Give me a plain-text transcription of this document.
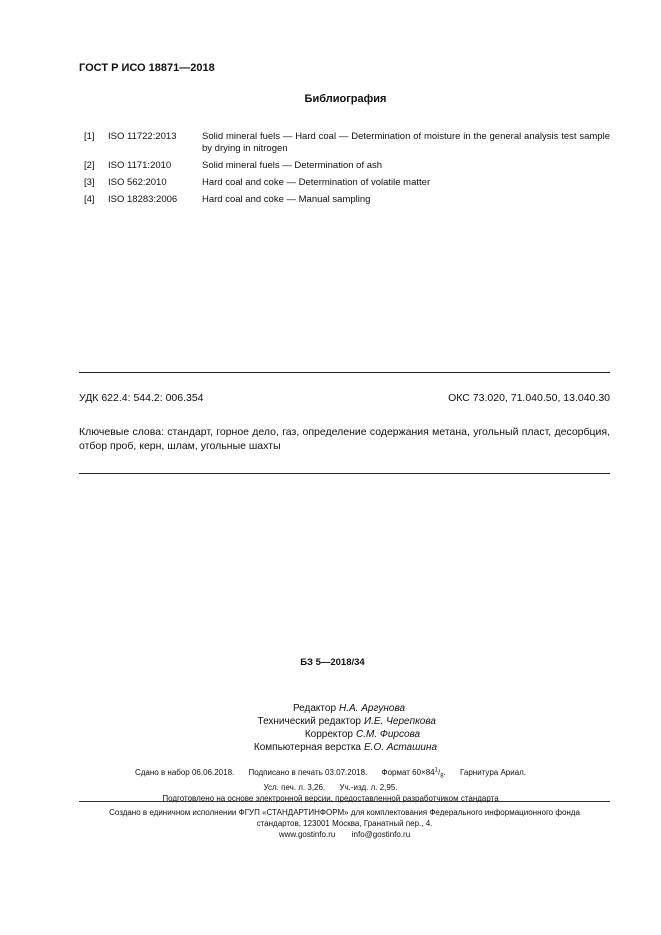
ГОСТ Р ИСО 18871—2018
Библиография
[1] ISO 11722:2013	Solid mineral fuels — Hard coal — Determination of moisture in the general analysis test sample by drying in nitrogen
[2] ISO 1171:2010	Solid mineral fuels — Determination of ash
[3] ISO 562:2010	Hard coal and coke — Determination of volatile matter
[4] ISO 18283:2006	Hard coal and coke — Manual sampling
УДК 622.4: 544.2: 006.354	ОКС 73.020, 71.040.50, 13.040.30
Ключевые слова: стандарт, горное дело, газ, определение содержания метана, угольный пласт, десорбция, отбор проб, керн, шлам, угольные шахты
БЗ 5—2018/34
Редактор Н.А. Аргунова
Технический редактор И.Е. Черепкова
Корректор С.М. Фирсова
Компьютерная верстка Е.О. Асташина
Сдано в набор 06.06.2018. Подписано в печать 03.07.2018. Формат $60\times 84^1/_8$. Гарнитура Ариал.
Усл. печ. л. 3,26. Уч.-изд. л. 2,95.
Подготовлено на основе электронной версии, предоставленной разработчиком стандарта
Создано в единичном исполнении ФГУП «СТАНДАРТИНФОРМ» для комплектования Федерального информационного фонда
стандартов, 123001 Москва, Гранатный пер., 4.
www.gostinfo.ru info@gostinfo.ru
